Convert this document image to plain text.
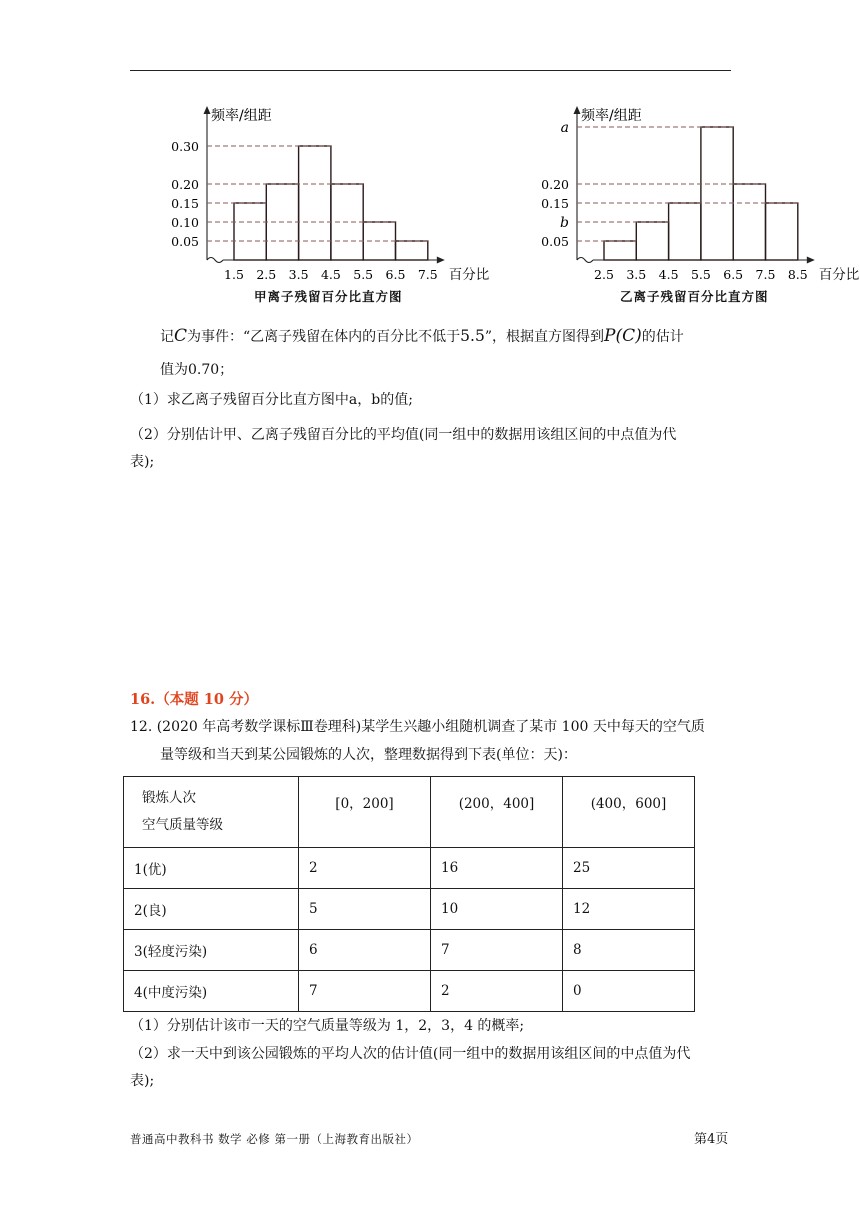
频率/组距
百分比
0.30
0.20
0.15
0.10
0.05
1.5 2.5 3.5 4.5 5.5 6.5 7.5
甲离子残留百分比直方图
频率/组距
百分比
a
0.20
0.15
b
0.05
2.5 3.5 4.5 5.5 6.5 7.5 8.5
乙离子残留百分比直方图
记C为事件：“乙离子残留在体内的百分比不低于5.5”，根据直方图得到P(C)的估计
值为0.70；
（1）求乙离子残留百分比直方图中a，b的值;
（2）分别估计甲、乙离子残留百分比的平均值(同一组中的数据用该组区间的中点值为代
表);
16.（本题 10 分）
12. (2020 年高考数学课标Ⅲ卷理科)某学生兴趣小组随机调查了某市 100 天中每天的空气质
量等级和当天到某公园锻炼的人次，整理数据得到下表(单位：天)：
锻炼人次
空气质量等级	[0，200]	(200，400]	(400，600]
1(优)	2	16	25
2(良)	5	10	12
3(轻度污染)	6	7	8
4(中度污染)	7	2	0
（1）分别估计该市一天的空气质量等级为 1，2，3，4 的概率;
（2）求一天中到该公园锻炼的平均人次的估计值(同一组中的数据用该组区间的中点值为代
表);
普通高中教科书 数学 必修 第一册（上海教育出版社）	第4页
